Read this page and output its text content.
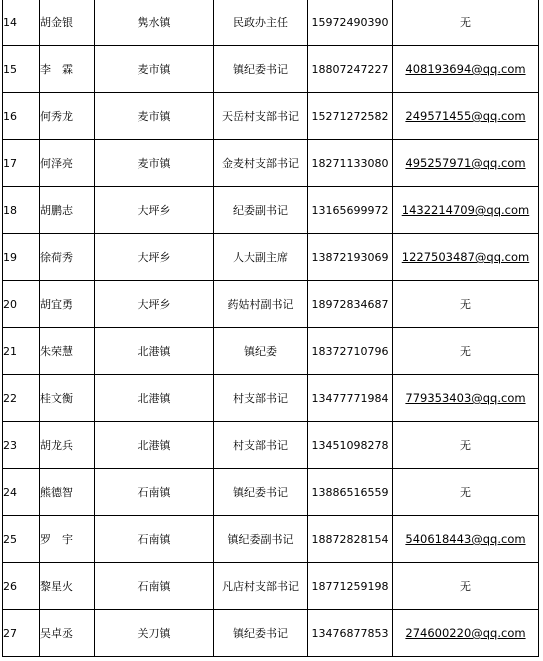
14	胡金银	隽水镇	民政办主任	15972490390	无
15	李　霖	麦市镇	镇纪委书记	18807247227	408193694@qq.com
16	何秀龙	麦市镇	天岳村支部书记	15271272582	249571455@qq.com
17	何泽亮	麦市镇	金麦村支部书记	18271133080	495257971@qq.com
18	胡鹏志	大坪乡	纪委副书记	13165699972	1432214709@qq.com
19	徐荷秀	大坪乡	人大副主席	13872193069	1227503487@qq.com
20	胡宜勇	大坪乡	药姑村副书记	18972834687	无
21	朱荣慧	北港镇	镇纪委	18372710796	无
22	桂文衡	北港镇	村支部书记	13477771984	779353403@qq.com
23	胡龙兵	北港镇	村支部书记	13451098278	无
24	熊德智	石南镇	镇纪委书记	13886516559	无
25	罗　宇	石南镇	镇纪委副书记	18872828154	540618443@qq.com
26	黎星火	石南镇	凡店村支部书记	18771259198	无
27	吴卓丞	关刀镇	镇纪委书记	13476877853	274600220@qq.com
